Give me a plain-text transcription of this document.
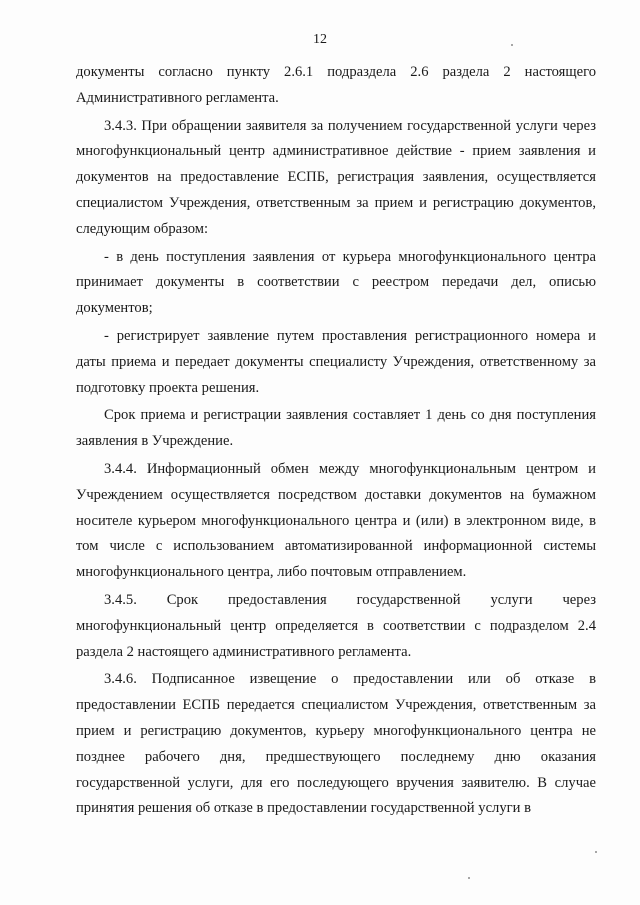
12

документы согласно пункту 2.6.1 подраздела 2.6 раздела 2 настоящего Административного регламента.

3.4.3. При обращении заявителя за получением государственной услуги через многофункциональный центр административное действие - прием заявления и документов на предоставление ЕСПБ, регистрация заявления, осуществляется специалистом Учреждения, ответственным за прием и регистрацию документов, следующим образом:

- в день поступления заявления от курьера многофункционального центра принимает документы в соответствии с реестром передачи дел, описью документов;

- регистрирует заявление путем проставления регистрационного номера и даты приема и передает документы специалисту Учреждения, ответственному за подготовку проекта решения.

Срок приема и регистрации заявления составляет 1 день со дня поступления заявления в Учреждение.

3.4.4. Информационный обмен между многофункциональным центром и Учреждением осуществляется посредством доставки документов на бумажном носителе курьером многофункционального центра и (или) в электронном виде, в том числе с использованием автоматизированной информационной системы многофункционального центра, либо почтовым отправлением.

3.4.5. Срок предоставления государственной услуги через многофункциональный центр определяется в соответствии с подразделом 2.4 раздела 2 настоящего административного регламента.

3.4.6. Подписанное извещение о предоставлении или об отказе в предоставлении ЕСПБ передается специалистом Учреждения, ответственным за прием и регистрацию документов, курьеру многофункционального центра не позднее рабочего дня, предшествующего последнему дню оказания государственной услуги, для его последующего вручения заявителю. В случае принятия решения об отказе в предоставлении государственной услуги в
